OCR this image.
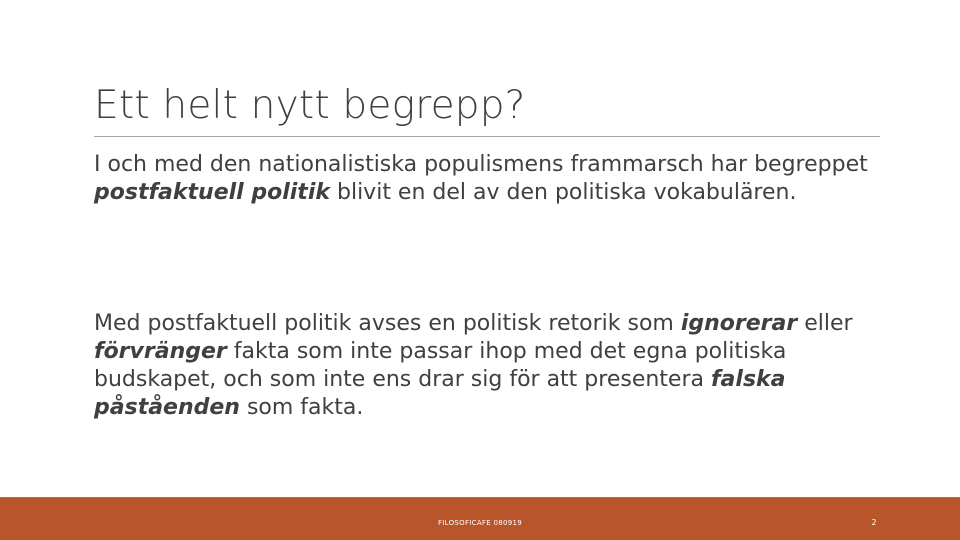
Ett helt nytt begrepp?

I och med den nationalistiska populismens frammarsch har begreppet postfaktuell politik blivit en del av den politiska vokabulären.

Med postfaktuell politik avses en politisk retorik som ignorerar eller förvränger fakta som inte passar ihop med det egna politiska budskapet, och som inte ens drar sig för att presentera falska påståenden som fakta.

FILOSOFICAFE 080919	2
